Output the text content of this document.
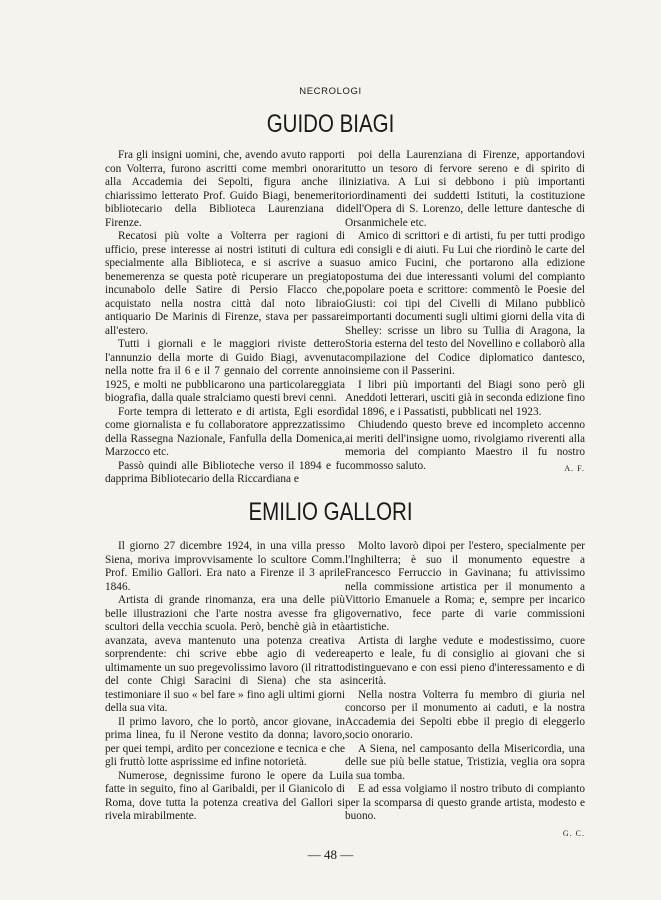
NECROLOGI
GUIDO BIAGI

Fra gli insigni uomini, che, avendo avuto rapporti con Volterra, furono ascritti come membri onorari alla Accademia dei Sepolti, figura anche il chiarissimo letterato Prof. Guido Biagi, benemerito bibliotecario della Biblioteca Laurenziana di Firenze.

Recatosi più volte a Volterra per ragioni di ufficio, prese interesse ai nostri istituti di cultura e specialmente alla Biblioteca, e si ascrive a sua benemerenza se questa potè ricuperare un pregiato incunabolo delle Satire di Persio Flacco che, acquistato nella nostra città dal noto libraio antiquario De Marinis di Firenze, stava per passare all'estero.

Tutti i giornali e le maggiori riviste dettero l'annunzio della morte di Guido Biagi, avvenuta nella notte fra il 6 e il 7 gennaio del corrente anno 1925, e molti ne pubblicarono una particolareggiata biografia, dalla quale stralciamo questi brevi cenni.

Forte tempra di letterato e di artista, Egli esordì come giornalista e fu collaboratore apprezzatissimo della Rassegna Nazionale, Fanfulla della Domenica, Marzocco etc.

Passò quindi alle Biblioteche verso il 1894 e fu dapprima Bibliotecario della Riccardiana e

poi della Laurenziana di Firenze, apportandovi tutto un tesoro di fervore sereno e di spirito di iniziativa. A Lui si debbono i più importanti riordinamenti dei suddetti Istituti, la costituzione dell'Opera di S. Lorenzo, delle letture dantesche di Orsanmichele etc.

Amico di scrittori e di artisti, fu per tutti prodigo di consigli e di aiuti. Fu Lui che riordinò le carte del suo amico Fucini, che portarono alla edizione postuma dei due interessanti volumi del compianto popolare poeta e scrittore: commentò le Poesie del Giusti: coi tipi del Civelli di Milano pubblicò importanti documenti sugli ultimi giorni della vita di Shelley: scrisse un libro su Tullia di Aragona, la Storia esterna del testo del Novellino e collaborò alla compilazione del Codice diplomatico dantesco, insieme con il Passerini.

I libri più importanti del Biagi sono però gli Aneddoti letterari, usciti già in seconda edizione fino dal 1896, e i Passatisti, pubblicati nel 1923.

Chiudendo questo breve ed incompleto accenno ai meriti dell'insigne uomo, rivolgiamo riverenti alla memoria del compianto Maestro il fu nostro commosso saluto.	A. F.

EMILIO GALLORI

Il giorno 27 dicembre 1924, in una villa presso Siena, moriva improvvisamente lo scultore Comm. Prof. Emilio Gallori. Era nato a Firenze il 3 aprile 1846.

Artista di grande rinomanza, era una delle più belle illustrazioni che l'arte nostra avesse fra gli scultori della vecchia scuola. Però, benchè già in età avanzata, aveva mantenuto una potenza creativa sorprendente: chi scrive ebbe agio di vedere ultimamente un suo pregevolissimo lavoro (il ritratto del conte Chigi Saracini di Siena) che sta a testimoniare il suo « bel fare » fino agli ultimi giorni della sua vita.

Il primo lavoro, che lo portò, ancor giovane, in prima linea, fu il Nerone vestito da donna; lavoro, per quei tempi, ardito per concezione e tecnica e che gli fruttò lotte asprissime ed infine notorietà.

Numerose, degnissime furono le opere da Lui fatte in seguito, fino al Garibaldi, per il Gianicolo di Roma, dove tutta la potenza creativa del Gallori si rivela mirabilmente.

Molto lavorò dipoi per l'estero, specialmente per l'Inghilterra; è suo il monumento equestre a Francesco Ferruccio in Gavinana; fu attivissimo nella commissione artistica per il monumento a Vittorio Emanuele a Roma; e, sempre per incarico governativo, fece parte di varie commissioni artistiche.

Artista di larghe vedute e modestissimo, cuore aperto e leale, fu di consiglio ai giovani che si distinguevano e con essi pieno d'interessamento e di sincerità.

Nella nostra Volterra fu membro di giuria nel concorso per il monumento ai caduti, e la nostra Accademia dei Sepolti ebbe il pregio di eleggerlo socio onorario.

A Siena, nel camposanto della Misericordia, una delle sue più belle statue, Tristizia, veglia ora sopra la sua tomba.

E ad essa volgiamo il nostro tributo di compianto per la scomparsa di questo grande artista, modesto e buono.

G. C.
— 48 —
